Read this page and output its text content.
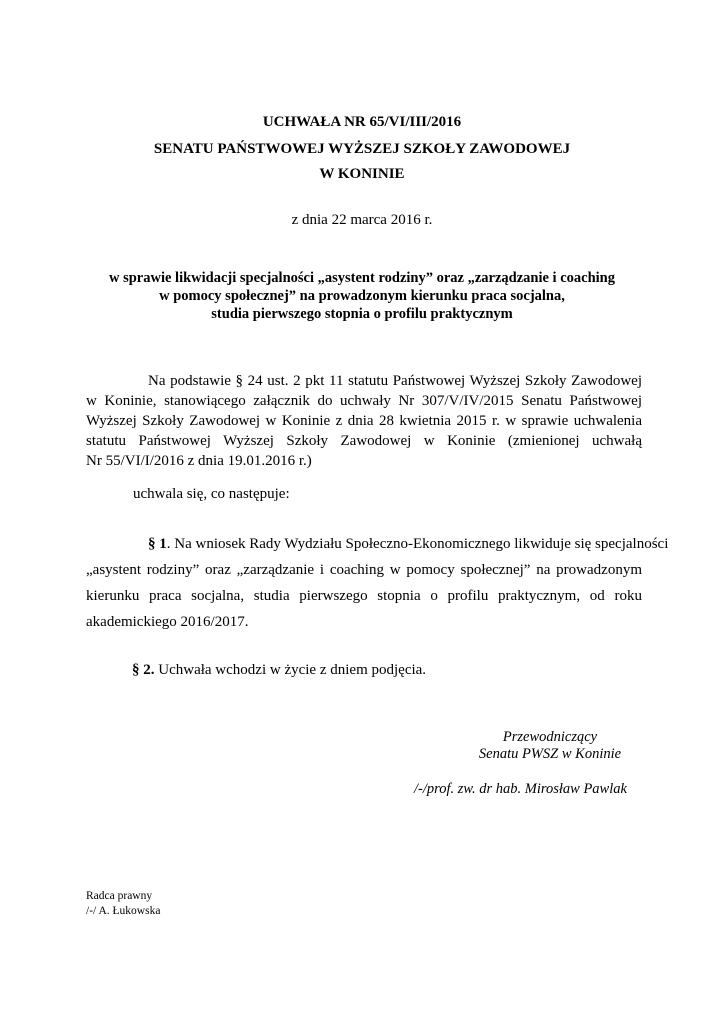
UCHWAŁA NR 65/VI/III/2016
SENATU PAŃSTWOWEJ WYŻSZEJ SZKOŁY ZAWODOWEJ
W KONINIE
z dnia 22 marca 2016 r.
w sprawie likwidacji specjalności „asystent rodziny” oraz „zarządzanie i coaching
w pomocy społecznej” na prowadzonym kierunku praca socjalna,
studia pierwszego stopnia o profilu praktycznym
Na podstawie § 24 ust. 2 pkt 11 statutu Państwowej Wyższej Szkoły Zawodowej
w Koninie, stanowiącego załącznik do uchwały Nr 307/V/IV/2015 Senatu Państwowej
Wyższej Szkoły Zawodowej w Koninie z dnia 28 kwietnia 2015 r. w sprawie uchwalenia
statutu Państwowej Wyższej Szkoły Zawodowej w Koninie (zmienionej uchwałą
Nr 55/VI/I/2016 z dnia 19.01.2016 r.)
uchwala się, co następuje:
§ 1. Na wniosek Rady Wydziału Społeczno-Ekonomicznego likwiduje się specjalności
„asystent rodziny” oraz „zarządzanie i coaching w pomocy społecznej” na prowadzonym
kierunku praca socjalna, studia pierwszego stopnia o profilu praktycznym, od roku
akademickiego 2016/2017.
§ 2. Uchwała wchodzi w życie z dniem podjęcia.
Przewodniczący
Senatu PWSZ w Koninie
/-/prof. zw. dr hab. Mirosław Pawlak
Radca prawny
/-/ A. Łukowska
